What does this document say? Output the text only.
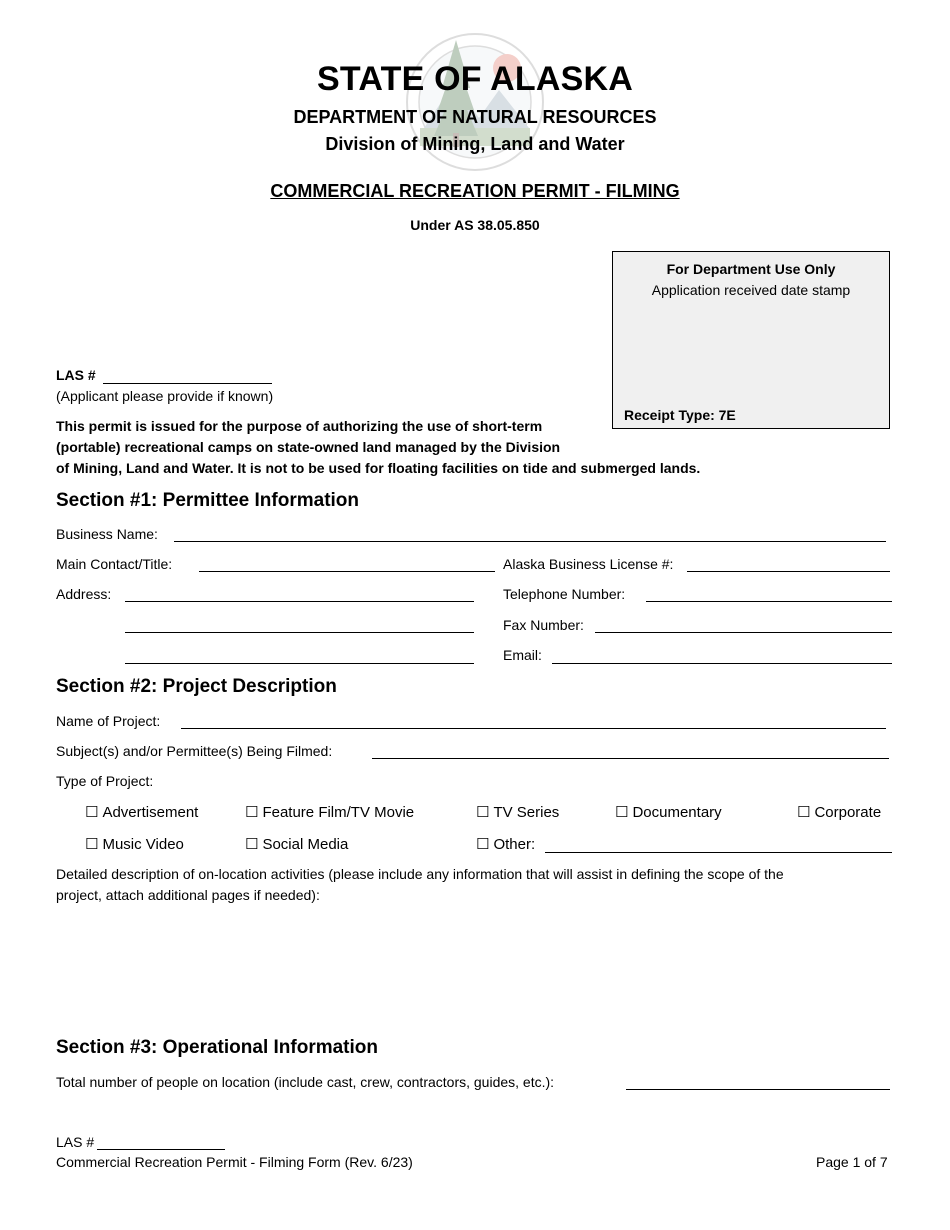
STATE OF ALASKA
DEPARTMENT OF NATURAL RESOURCES
Division of Mining, Land and Water
COMMERCIAL RECREATION PERMIT - FILMING
Under AS 38.05.850
For Department Use Only
Application received date stamp
Receipt Type: 7E
LAS #
(Applicant please provide if known)
This permit is issued for the purpose of authorizing the use of short-term
(portable) recreational camps on state-owned land managed by the Division
of Mining, Land and Water. It is not to be used for floating facilities on tide and submerged lands.
Section #1: Permittee Information
Business Name:
Main Contact/Title:	Alaska Business License #:
Address:	Telephone Number:
Fax Number:
Email:
Section #2: Project Description
Name of Project:
Subject(s) and/or Permittee(s) Being Filmed:
Type of Project:
☐ Advertisement	☐ Feature Film/TV Movie	☐ TV Series	☐ Documentary	☐ Corporate
☐ Music Video	☐ Social Media	☐ Other:
Detailed description of on-location activities (please include any information that will assist in defining the scope of the
project, attach additional pages if needed):
Section #3: Operational Information
Total number of people on location (include cast, crew, contractors, guides, etc.):
LAS #
Commercial Recreation Permit - Filming Form (Rev. 6/23)	Page 1 of 7
